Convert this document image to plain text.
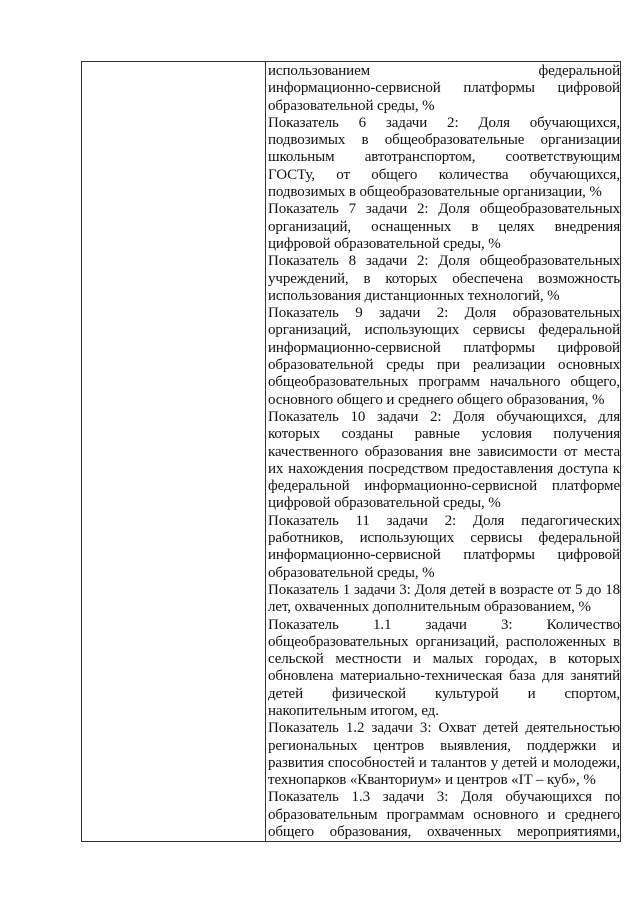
использованием федеральной
информационно-сервисной платформы цифровой
образовательной среды, %
Показатель 6 задачи 2: Доля обучающихся,
подвозимых в общеобразовательные организации
школьным автотранспортом, соответствующим
ГОСТу, от общего количества обучающихся,
подвозимых в общеобразовательные организации, %
Показатель 7 задачи 2: Доля общеобразовательных
организаций, оснащенных в целях внедрения
цифровой образовательной среды, %
Показатель 8 задачи 2: Доля общеобразовательных
учреждений, в которых обеспечена возможность
использования дистанционных технологий, %
Показатель 9 задачи 2: Доля образовательных
организаций, использующих сервисы федеральной
информационно-сервисной платформы цифровой
образовательной среды при реализации основных
общеобразовательных программ начального общего,
основного общего и среднего общего образования, %
Показатель 10 задачи 2: Доля обучающихся, для
которых созданы равные условия получения
качественного образования вне зависимости от места
их нахождения посредством предоставления доступа к
федеральной информационно-сервисной платформе
цифровой образовательной среды, %
Показатель 11 задачи 2: Доля педагогических
работников, использующих сервисы федеральной
информационно-сервисной платформы цифровой
образовательной среды, %
Показатель 1 задачи 3: Доля детей в возрасте от 5 до 18
лет, охваченных дополнительным образованием, %
Показатель 1.1 задачи 3: Количество
общеобразовательных организаций, расположенных в
сельской местности и малых городах, в которых
обновлена материально-техническая база для занятий
детей физической культурой и спортом,
накопительным итогом, ед.
Показатель 1.2 задачи 3: Охват детей деятельностью
региональных центров выявления, поддержки и
развития способностей и талантов у детей и молодежи,
технопарков «Кванториум» и центров «IT – куб», %
Показатель 1.3 задачи 3: Доля обучающихся по
образовательным программам основного и среднего
общего образования, охваченных мероприятиями,
